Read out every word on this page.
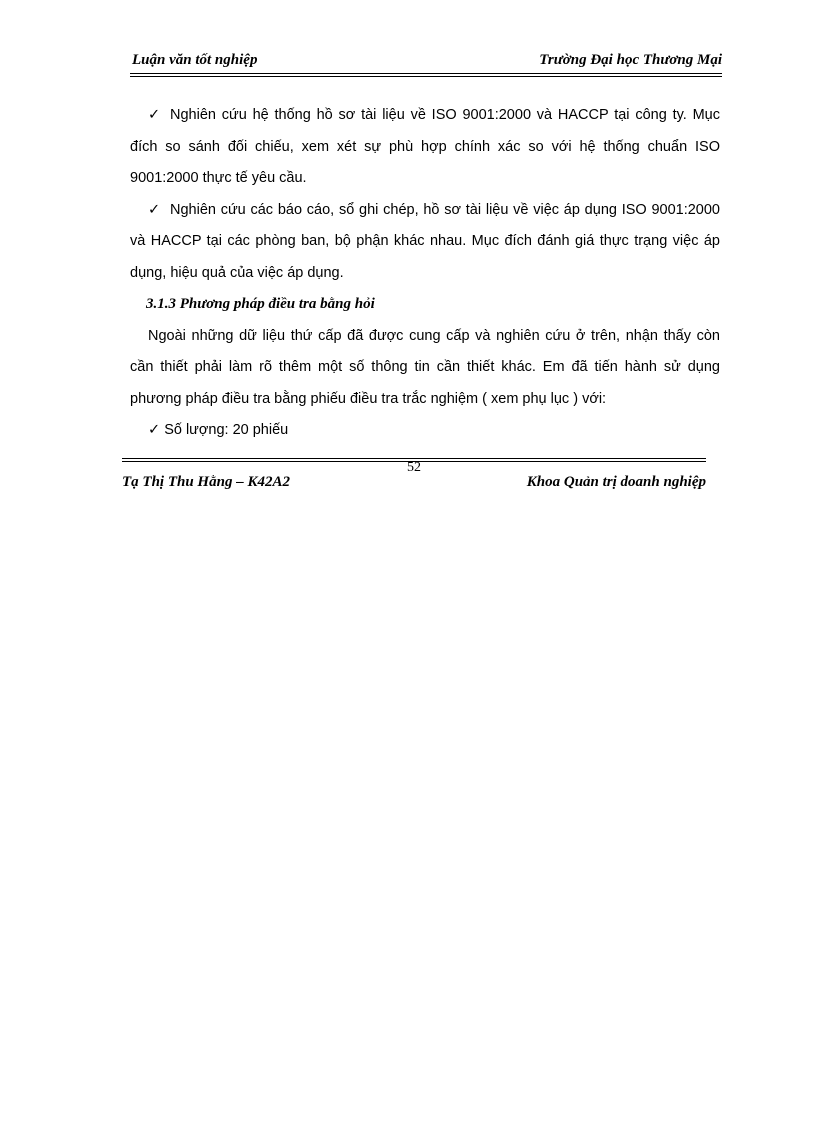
Luận văn tốt nghiệp	Trường Đại học Thương Mại

✓ Nghiên cứu hệ thống hồ sơ tài liệu về ISO 9001:2000 và HACCP tại công ty. Mục đích so sánh đối chiếu, xem xét sự phù hợp chính xác so với hệ thống chuẩn ISO 9001:2000 thực tế yêu cầu.

✓ Nghiên cứu các báo cáo, sổ ghi chép, hồ sơ tài liệu về việc áp dụng ISO 9001:2000 và HACCP tại các phòng ban, bộ phận khác nhau. Mục đích đánh giá thực trạng việc áp dụng, hiệu quả của việc áp dụng.

3.1.3 Phương pháp điều tra bằng hỏi

Ngoài những dữ liệu thứ cấp đã được cung cấp và nghiên cứu ở trên, nhận thấy còn cần thiết phải làm rõ thêm một số thông tin cần thiết khác. Em đã tiến hành sử dụng phương pháp điều tra bằng phiếu điều tra trắc nghiệm ( xem phụ lục ) với:

✓ Số lượng: 20 phiếu

52
Tạ Thị Thu Hằng – K42A2	Khoa Quản trị doanh nghiệp
